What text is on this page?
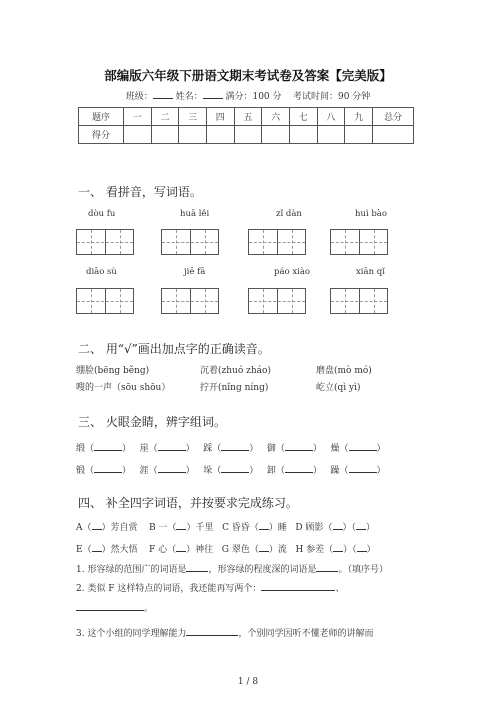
部编版六年级下册语文期末考试卷及答案【完美版】
班级：	姓名：	满分：100 分 考试时间：90 分钟
题序	一	二	三	四	五	六	七	八	九	总分
得分										
一、 看拼音，写词语。
dòu fu	huā lěi	zǐ dàn	huì bào
diāo sù	jiē fā	páo xiào	xiān qǐ
二、 用“√”画出加点字的正确读音。
绷脸(bēng běng)	沉着(zhuó zháo)	磨盘(mò mó)
嗖的一声（sōu shōu）	拧开(nǐng níng)	屹立(qì yì)
三、 火眼金睛，辨字组词。
缎（	） 崖（	） 踩（	） 御（	） 燥（	）
锻（	） 涯（	） 垛（	） 卸（	） 躁（	）
四、 补全四字词语，并按要求完成练习。
A（ ）芳自赏 B 一（ ）千里 C 昏昏（ ）睡 D 顾影（ ）（ ）
E（ ）然大悟 F 心（ ）神往 G 翠色（ ）流 H 参差（ ）（ ）
1. 形容绿的范围广的词语是 ，形容绿的程度深的词语是 。（填序号）
2. 类似 F 这样特点的词语，我还能再写两个：	、
。
3. 这个小组的同学理解能力	，个别同学因听不懂老师的讲解而
1 / 8
